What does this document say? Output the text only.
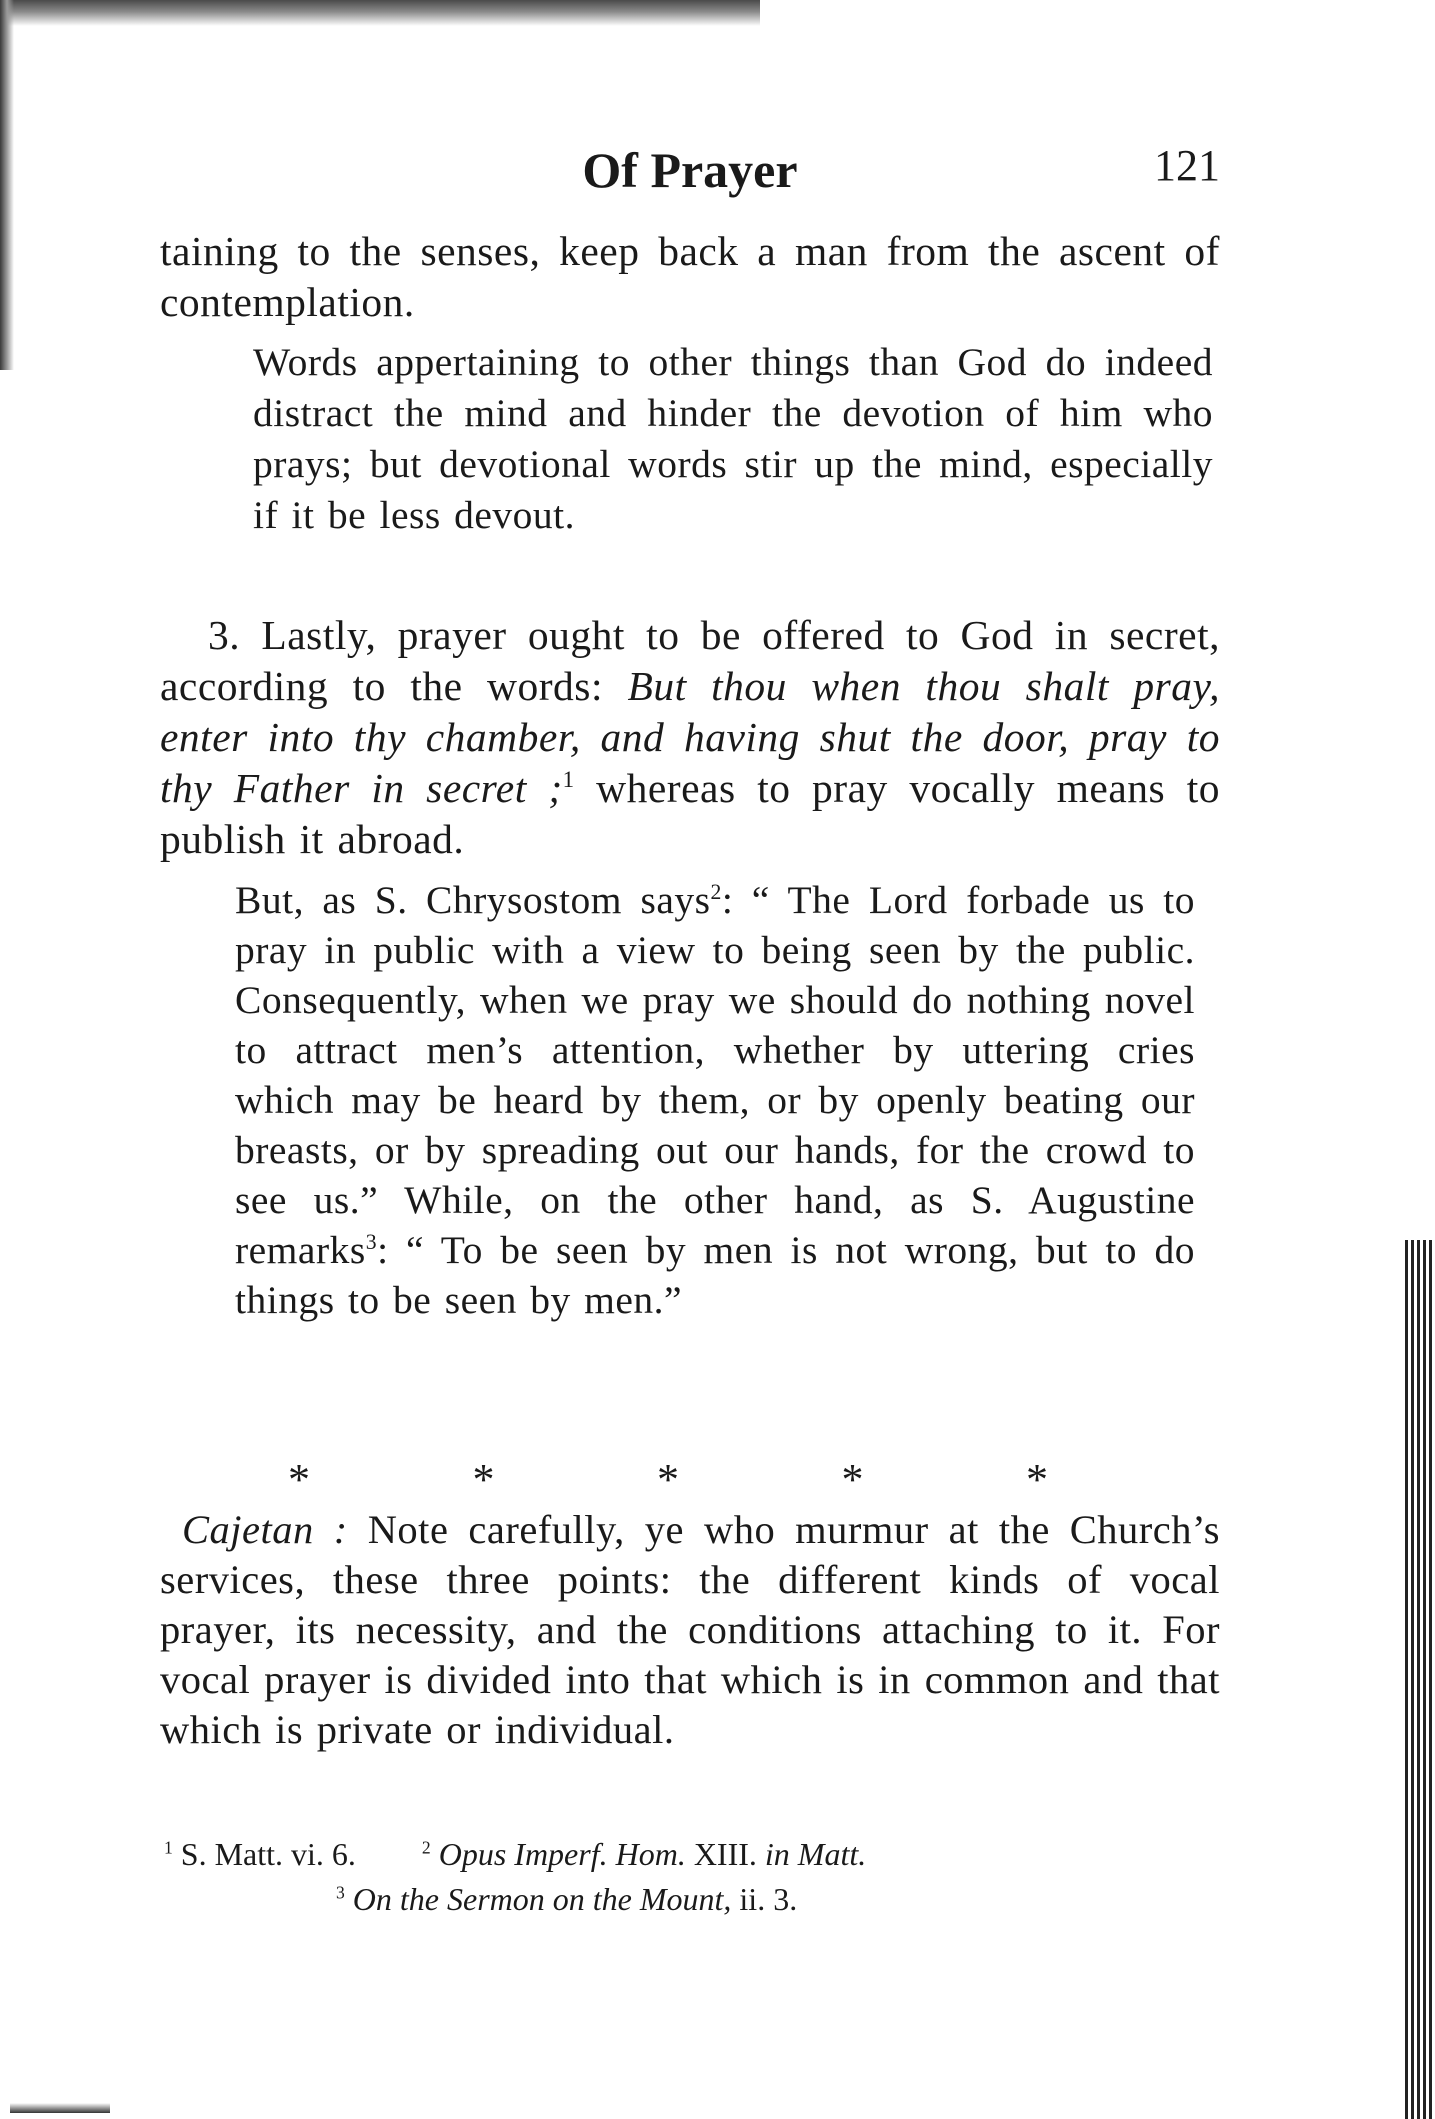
Of Prayer	121
taining to the senses, keep back a man from the ascent of contemplation.
Words appertaining to other things than God do indeed distract the mind and hinder the devotion of him who prays; but devotional words stir up the mind, especially if it be less devout.
3. Lastly, prayer ought to be offered to God in secret, according to the words: But thou when thou shalt pray, enter into thy chamber, and having shut the door, pray to thy Father in secret ;$^1$ whereas to pray vocally means to publish it abroad.
But, as S. Chrysostom says$^2$: “ The Lord forbade us to pray in public with a view to being seen by the public. Consequently, when we pray we should do nothing novel to attract men’s attention, whether by uttering cries which may be heard by them, or by openly beating our breasts, or by spreading out our hands, for the crowd to see us.” While, on the other hand, as S. Augustine remarks$^3$: “ To be seen by men is not wrong, but to do things to be seen by men.”
*	*	*	*	*
Cajetan : Note carefully, ye who murmur at the Church’s services, these three points: the different kinds of vocal prayer, its necessity, and the conditions attaching to it. For vocal prayer is divided into that which is in common and that which is private or individual.
$^1$ S. Matt. vi. 6.	$^2$ Opus Imperf. Hom. XIII. in Matt.
$^3$ On the Sermon on the Mount, ii. 3.
